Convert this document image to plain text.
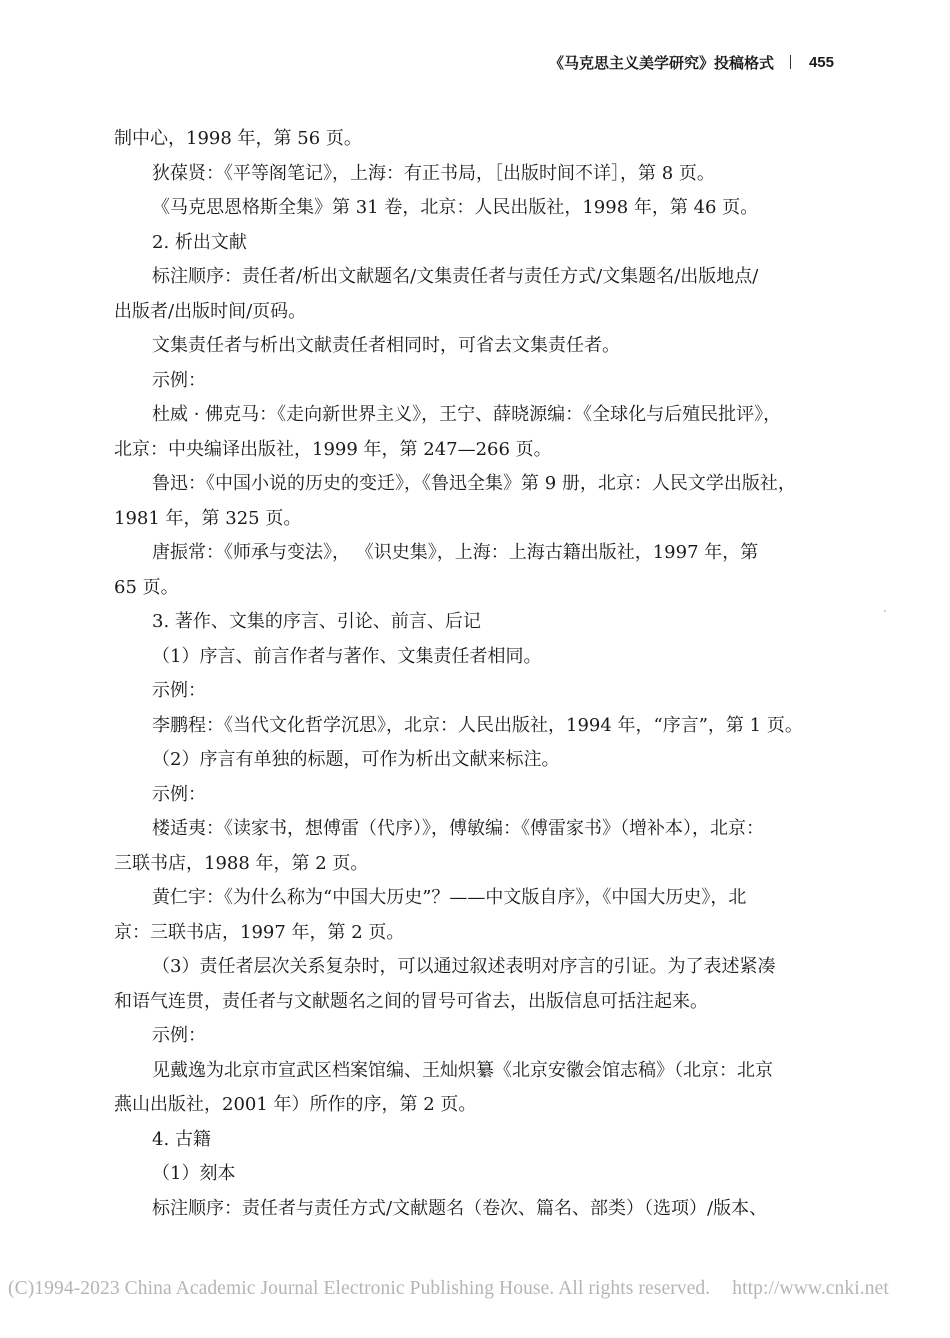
《马克思主义美学研究》投稿格式 455
制中心，1998 年，第 56 页。
狄葆贤：《平等阁笔记》，上海：有正书局，［出版时间不详］，第 8 页。
《马克思恩格斯全集》第 31 卷，北京：人民出版社，1998 年，第 46 页。
2. 析出文献
标注顺序：责任者/析出文献题名/文集责任者与责任方式/文集题名/出版地点/
出版者/出版时间/页码。
文集责任者与析出文献责任者相同时，可省去文集责任者。
示例：
杜威 · 佛克马：《走向新世界主义》，王宁、薛晓源编：《全球化与后殖民批评》，
北京：中央编译出版社，1999 年，第 247—266 页。
鲁迅：《中国小说的历史的变迁》，《鲁迅全集》第 9 册，北京：人民文学出版社，
1981 年，第 325 页。
唐振常：《师承与变法》， 《识史集》，上海：上海古籍出版社，1997 年，第
65 页。
3. 著作、文集的序言、引论、前言、后记
（1）序言、前言作者与著作、文集责任者相同。
示例：
李鹏程：《当代文化哲学沉思》，北京：人民出版社，1994 年，“序言”，第 1 页。
（2）序言有单独的标题，可作为析出文献来标注。
示例：
楼适夷：《读家书，想傅雷（代序）》，傅敏编：《傅雷家书》（增补本），北京：
三联书店，1988 年，第 2 页。
黄仁宇：《为什么称为“中国大历史”？——中文版自序》，《中国大历史》，北
京：三联书店，1997 年，第 2 页。
（3）责任者层次关系复杂时，可以通过叙述表明对序言的引证。为了表述紧凑
和语气连贯，责任者与文献题名之间的冒号可省去，出版信息可括注起来。
示例：
见戴逸为北京市宣武区档案馆编、王灿炽纂《北京安徽会馆志稿》（北京：北京
燕山出版社，2001 年）所作的序，第 2 页。
4. 古籍
（1）刻本
标注顺序：责任者与责任方式/文献题名（卷次、篇名、部类）（选项）/版本、
(C)1994-2023 China Academic Journal Electronic Publishing House. All rights reserved. http://www.cnki.net
